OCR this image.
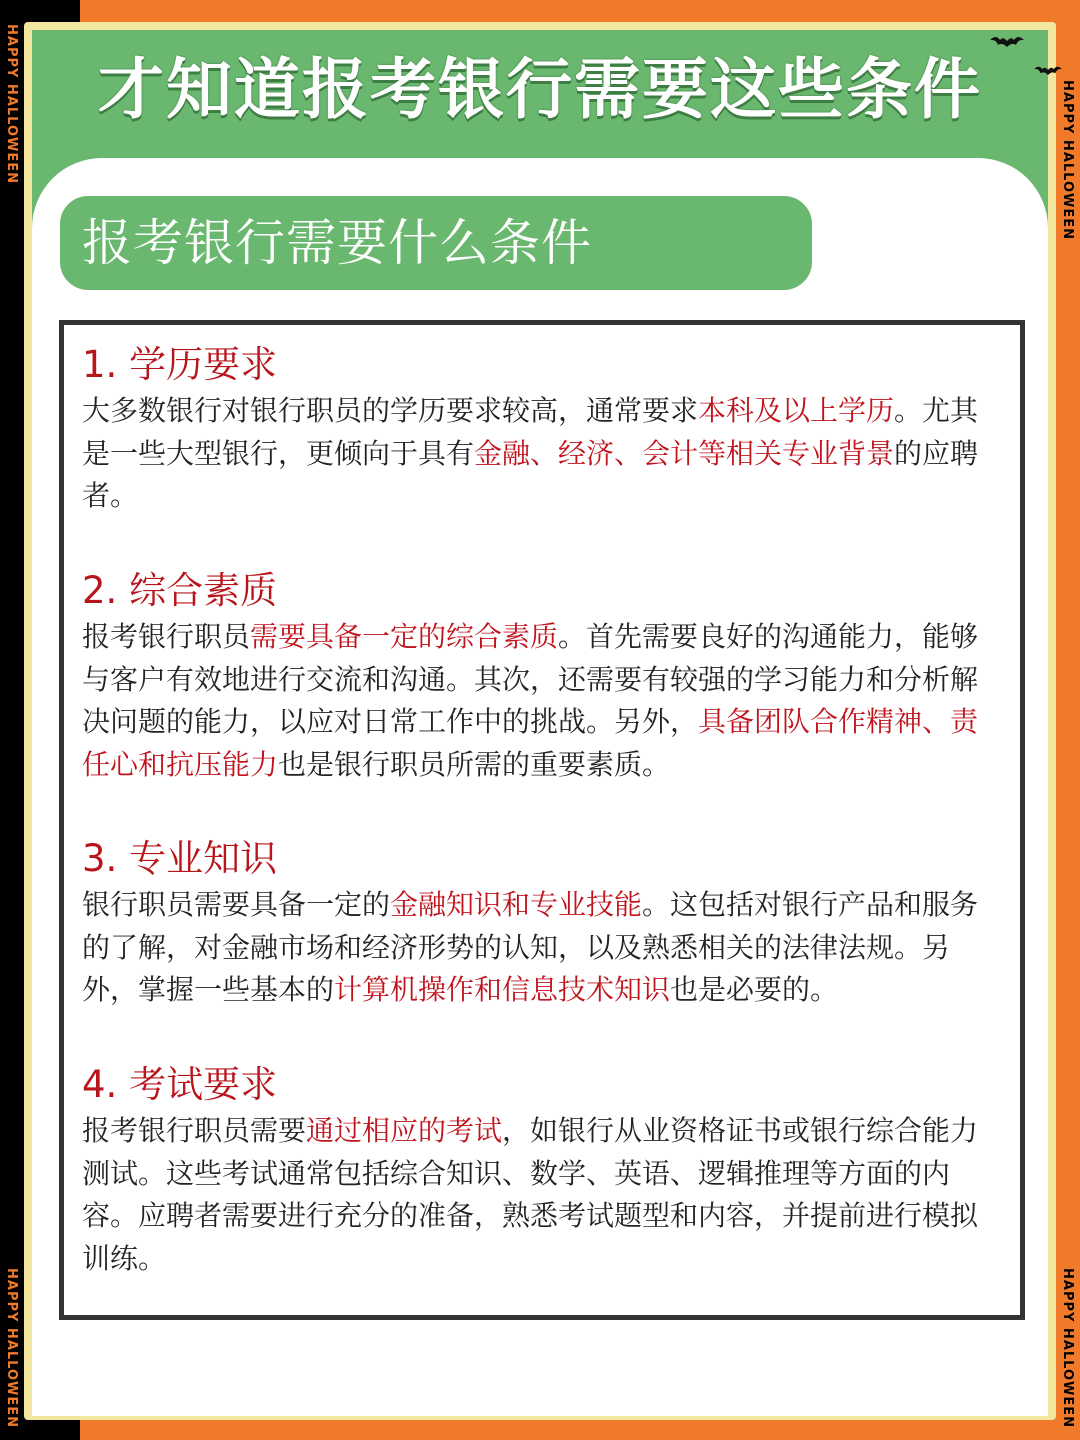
HAPPY HALLOWEEN
HAPPY HALLOWEEN
才知道报考银行需要这些条件
报考银行需要什么条件

1. 学历要求

大多数银行对银行职员的学历要求较高，通常要求本科及以上学历。尤其是一些大型银行，更倾向于具有金融、经济、会计等相关专业背景的应聘者。

2. 综合素质

报考银行职员需要具备一定的综合素质。首先需要良好的沟通能力，能够与客户有效地进行交流和沟通。其次，还需要有较强的学习能力和分析解决问题的能力，以应对日常工作中的挑战。另外，具备团队合作精神、责任心和抗压能力也是银行职员所需的重要素质。

3. 专业知识

银行职员需要具备一定的金融知识和专业技能。这包括对银行产品和服务的了解，对金融市场和经济形势的认知，以及熟悉相关的法律法规。另外，掌握一些基本的计算机操作和信息技术知识也是必要的。

4. 考试要求

报考银行职员需要通过相应的考试，如银行从业资格证书或银行综合能力测试。这些考试通常包括综合知识、数学、英语、逻辑推理等方面的内容。应聘者需要进行充分的准备，熟悉考试题型和内容，并提前进行模拟训练。

HAPPY HALLOWEEN
HAPPY HALLOWEEN
